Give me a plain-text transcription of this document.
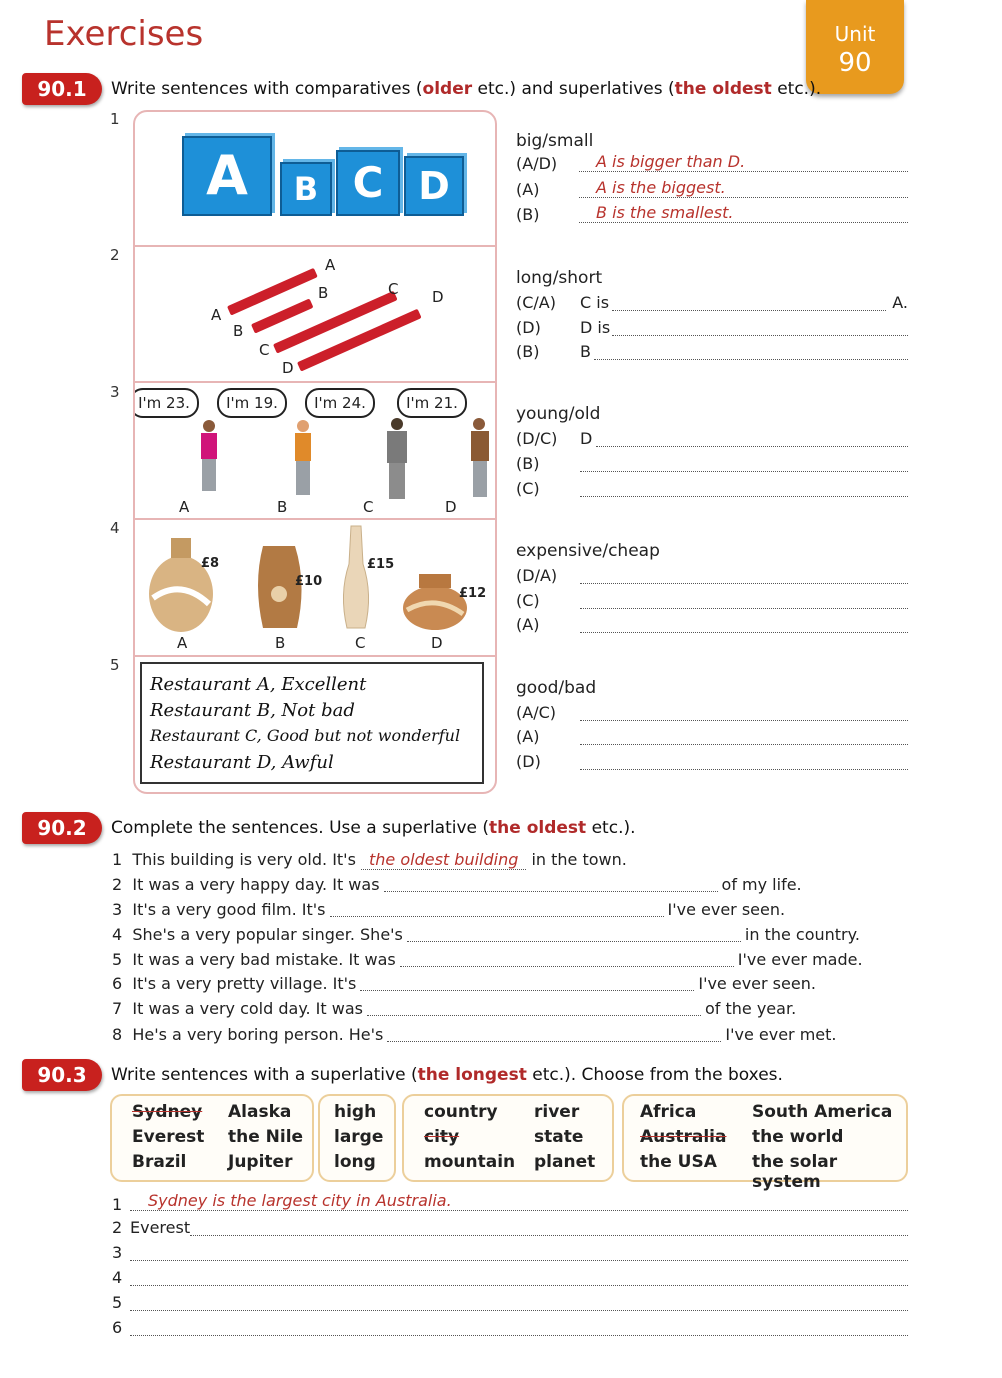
Exercises	Unit
90
90.1	Write sentences with comparatives (older etc.) and superlatives (the oldest etc.).
1
2
3
4
5
A	B C D
A
B	C D
A
B
C
D
I'm 23.	I'm 19.	I'm 24.	I'm 21.
A	B	C	D
£8
£10
£15
£12
A	B	C	D
Restaurant A, Excellent
Restaurant B, Not bad
Restaurant C, Good but not wonderful
Restaurant D, Awful
big/small
(A/D) A is bigger than D.
(A)	A is the biggest.
(B)	B is the smallest.
long/short
(C/A) C is	A.
(D) D is
(B)	B
young/old
(D/C) D
(B)
(C)
expensive/cheap
(D/A)
(C)
(A)
good/bad
(A/C)
(A)
(D)
90.2	Complete the sentences. Use a superlative (the oldest etc.).
1 This building is very old. It's the oldest building in the town.
2
It was a very happy day. It was	of my life.
3
It's a very good film. It's	I've ever seen.
4
She's a very popular singer. She's	in the country.
5
It was a very bad mistake. It was	I've ever made.
6
It's a very pretty village. It's	I've ever seen.
7
It was a very cold day. It was	of the year.
8
He's a very boring person. He's	I've ever met.
90.3	Write sentences with a superlative (the longest etc.). Choose from the boxes.
Sydney Alaska
Everest the Nile
Brazil Jupiter
high
large
long
country river
city	state
mountain planet
Africa	South America
Australia the world
the USA the solar system
1 Sydney is the largest city in Australia.
2 Everest
3
4
5
6
